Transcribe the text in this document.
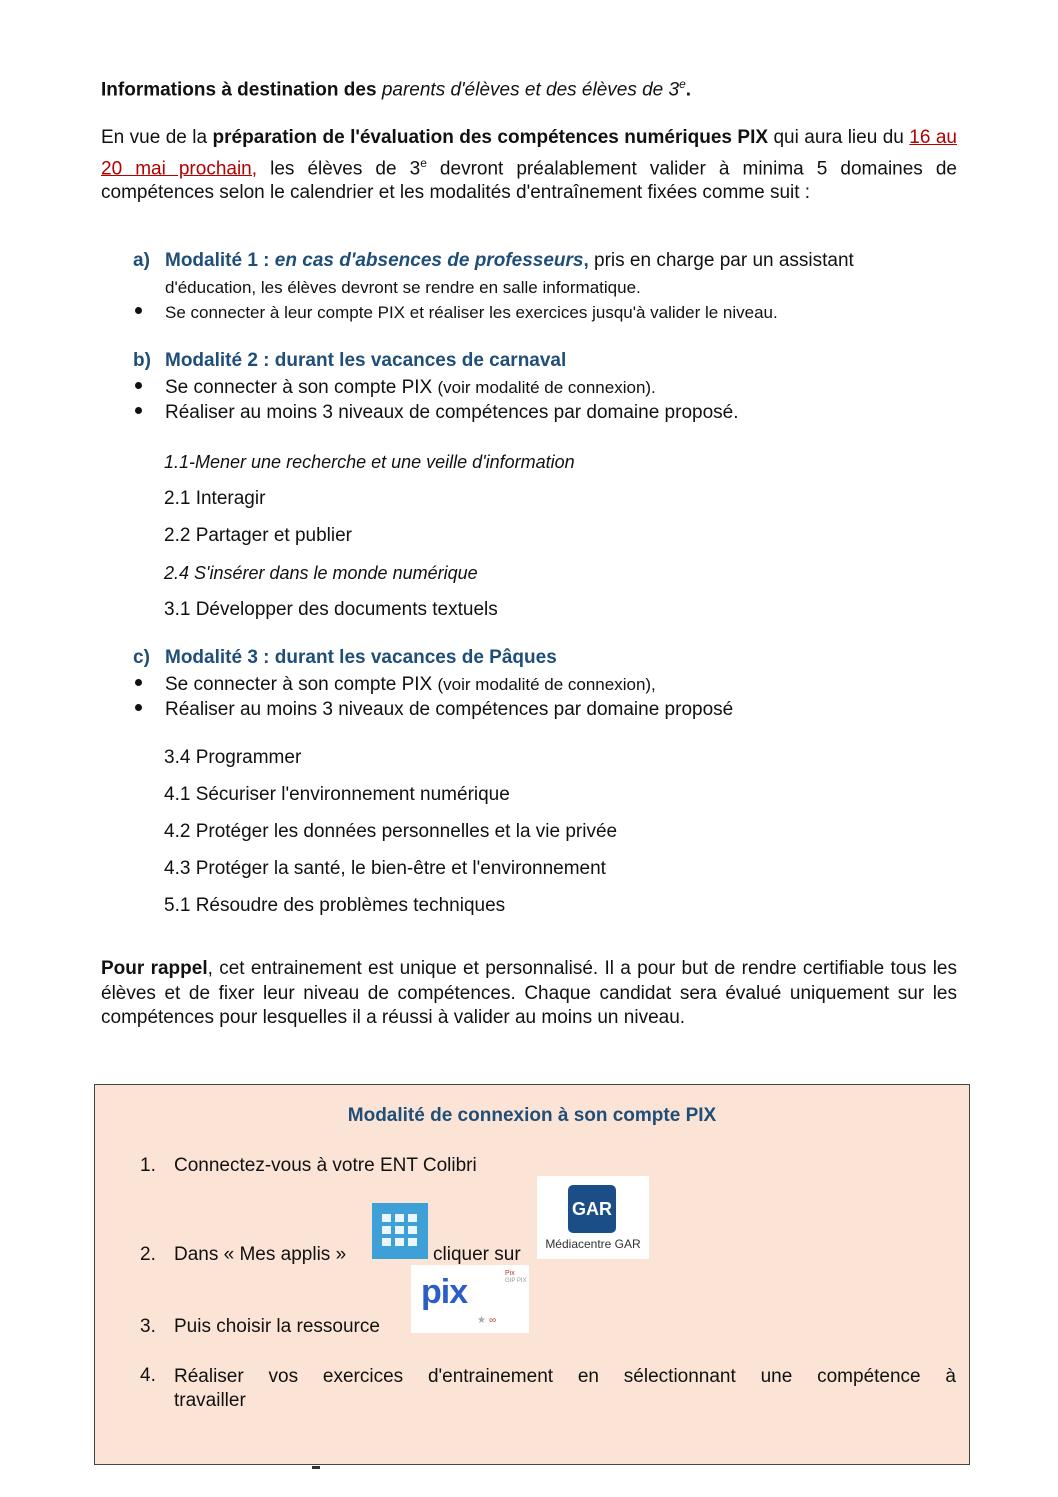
Informations à destination des parents d'élèves et des élèves de 3e.
En vue de la préparation de l'évaluation des compétences numériques PIX qui aura lieu du 16 au 20 mai prochain, les élèves de 3e devront préalablement valider à minima 5 domaines de compétences selon le calendrier et les modalités d'entraînement fixées comme suit :
a) Modalité 1 : en cas d'absences de professeurs, pris en charge par un assistant
d'éducation, les élèves devront se rendre en salle informatique.
Se connecter à leur compte PIX et réaliser les exercices jusqu'à valider le niveau.
b) Modalité 2 : durant les vacances de carnaval
Se connecter à son compte PIX (voir modalité de connexion).
Réaliser au moins 3 niveaux de compétences par domaine proposé.
1.1-Mener une recherche et une veille d'information
2.1 Interagir
2.2 Partager et publier
2.4 S'insérer dans le monde numérique
3.1 Développer des documents textuels
c) Modalité 3 : durant les vacances de Pâques
Se connecter à son compte PIX (voir modalité de connexion),
Réaliser au moins 3 niveaux de compétences par domaine proposé
3.4 Programmer
4.1 Sécuriser l'environnement numérique
4.2 Protéger les données personnelles et la vie privée
4.3 Protéger la santé, le bien-être et l'environnement
5.1 Résoudre des problèmes techniques
Pour rappel, cet entrainement est unique et personnalisé. Il a pour but de rendre certifiable tous les élèves et de fixer leur niveau de compétences. Chaque candidat sera évalué uniquement sur les compétences pour lesquelles il a réussi à valider au moins un niveau.
Modalité de connexion à son compte PIX
1. Connectez-vous à votre ENT Colibri
2. Dans « Mes applis »	cliquer sur
GAR
Médiacentre GAR
3. Puis choisir la ressource
pix	Pix
GIP PIX
★ ∞
4. Réaliser vos exercices d'entrainement en sélectionnant une compétence à travailler
